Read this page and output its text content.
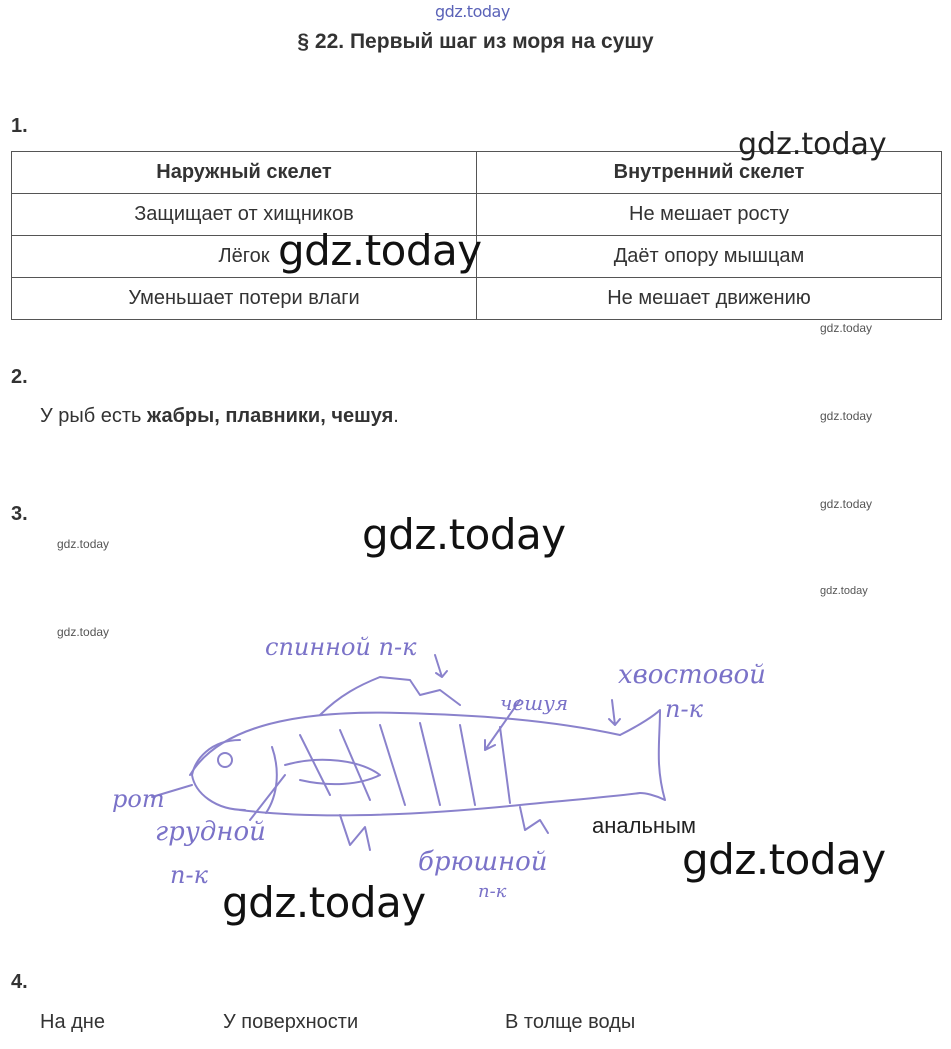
gdz.today
§ 22. Первый шаг из моря на сушу
1.
Наружный скелет	Внутренний скелет
Защищает от хищников	Не мешает росту
Лёгок	Даёт опору мышцам
Уменьшает потери влаги	Не мешает движению
2.
У рыб есть жабры, плавники, чешуя.
3.
спинной п-к
чешуя
хвостовой
п-к
рот
грудной
п-к	брюшной
п-к
анальным
4.
На дне	У поверхности	В толще воды
gdz.today
gdz.today
gdz.today
gdz.today
gdz.today
gdz.today
gdz.today
gdz.today
gdz.today
gdz.today
gdz.today
